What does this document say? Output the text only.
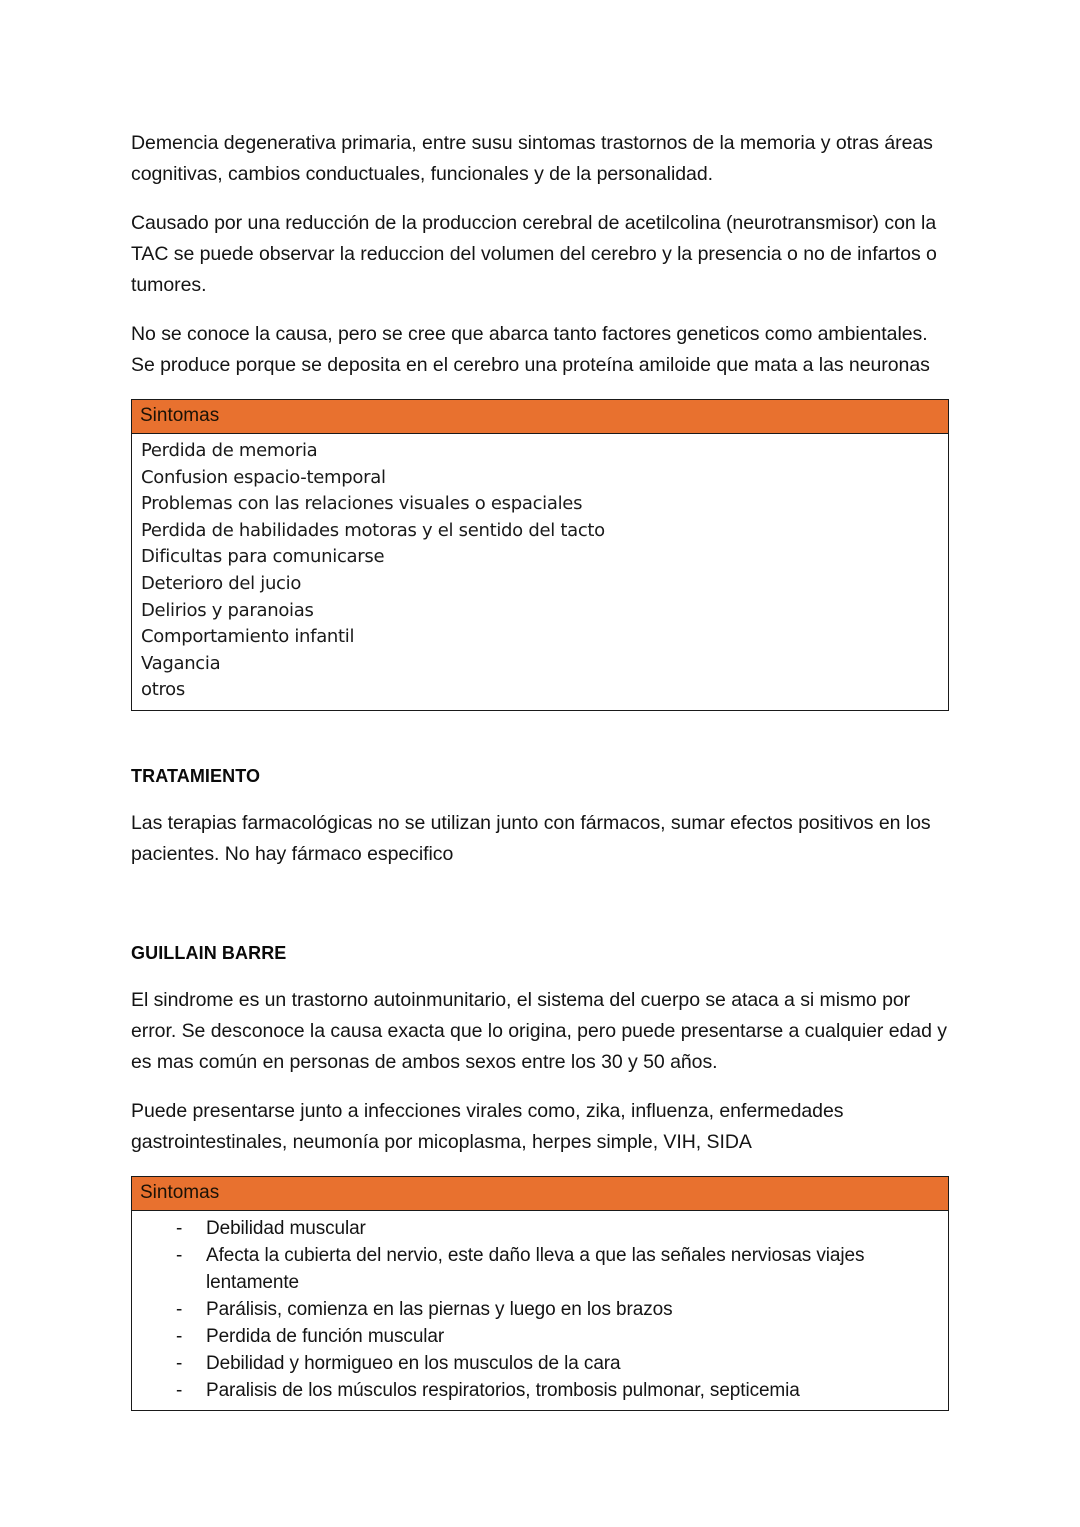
Demencia degenerativa primaria, entre susu sintomas trastornos de la memoria y otras áreas cognitivas, cambios conductuales, funcionales y de la personalidad.

Causado por una reducción de la produccion cerebral de acetilcolina (neurotransmisor) con la TAC se puede observar la reduccion del volumen del cerebro y la presencia o no de infartos o tumores.

No se conoce la causa, pero se cree que abarca tanto factores geneticos como ambientales. Se produce porque se deposita en el cerebro una proteína amiloide que mata a las neuronas

Sintomas
Perdida de memoria
Confusion espacio-temporal
Problemas con las relaciones visuales o espaciales
Perdida de habilidades motoras y el sentido del tacto
Dificultas para comunicarse
Deterioro del jucio
Delirios y paranoias
Comportamiento infantil
Vagancia
otros
TRATAMIENTO

Las terapias farmacológicas no se utilizan junto con fármacos, sumar efectos positivos en los pacientes. No hay fármaco especifico

GUILLAIN BARRE

El sindrome es un trastorno autoinmunitario, el sistema del cuerpo se ataca a si mismo por error. Se desconoce la causa exacta que lo origina, pero puede presentarse a cualquier edad y es mas común en personas de ambos sexos entre los 30 y 50 años.

Puede presentarse junto a infecciones virales como, zika, influenza, enfermedades gastrointestinales, neumonía por micoplasma, herpes simple, VIH, SIDA

Sintomas
-	Debilidad muscular
-	Afecta la cubierta del nervio, este daño lleva a que las señales nerviosas viajes lentamente
-	Parálisis, comienza en las piernas y luego en los brazos
-	Perdida de función muscular
-	Debilidad y hormigueo en los musculos de la cara
-	Paralisis de los músculos respiratorios, trombosis pulmonar, septicemia
